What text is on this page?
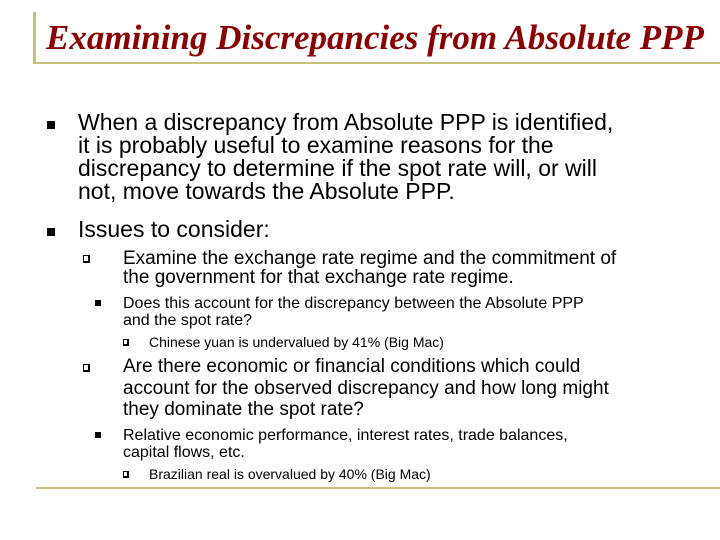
Examining Discrepancies from Absolute PPP
When a discrepancy from Absolute PPP is identified,
it is probably useful to examine reasons for the
discrepancy to determine if the spot rate will, or will
not, move towards the Absolute PPP.
Issues to consider:
Examine the exchange rate regime and the commitment of
the government for that exchange rate regime.
Does this account for the discrepancy between the Absolute PPP
and the spot rate?
Chinese yuan is undervalued by 41% (Big Mac)
Are there economic or financial conditions which could
account for the observed discrepancy and how long might
they dominate the spot rate?
Relative economic performance, interest rates, trade balances,
capital flows, etc.
Brazilian real is overvalued by 40% (Big Mac)
